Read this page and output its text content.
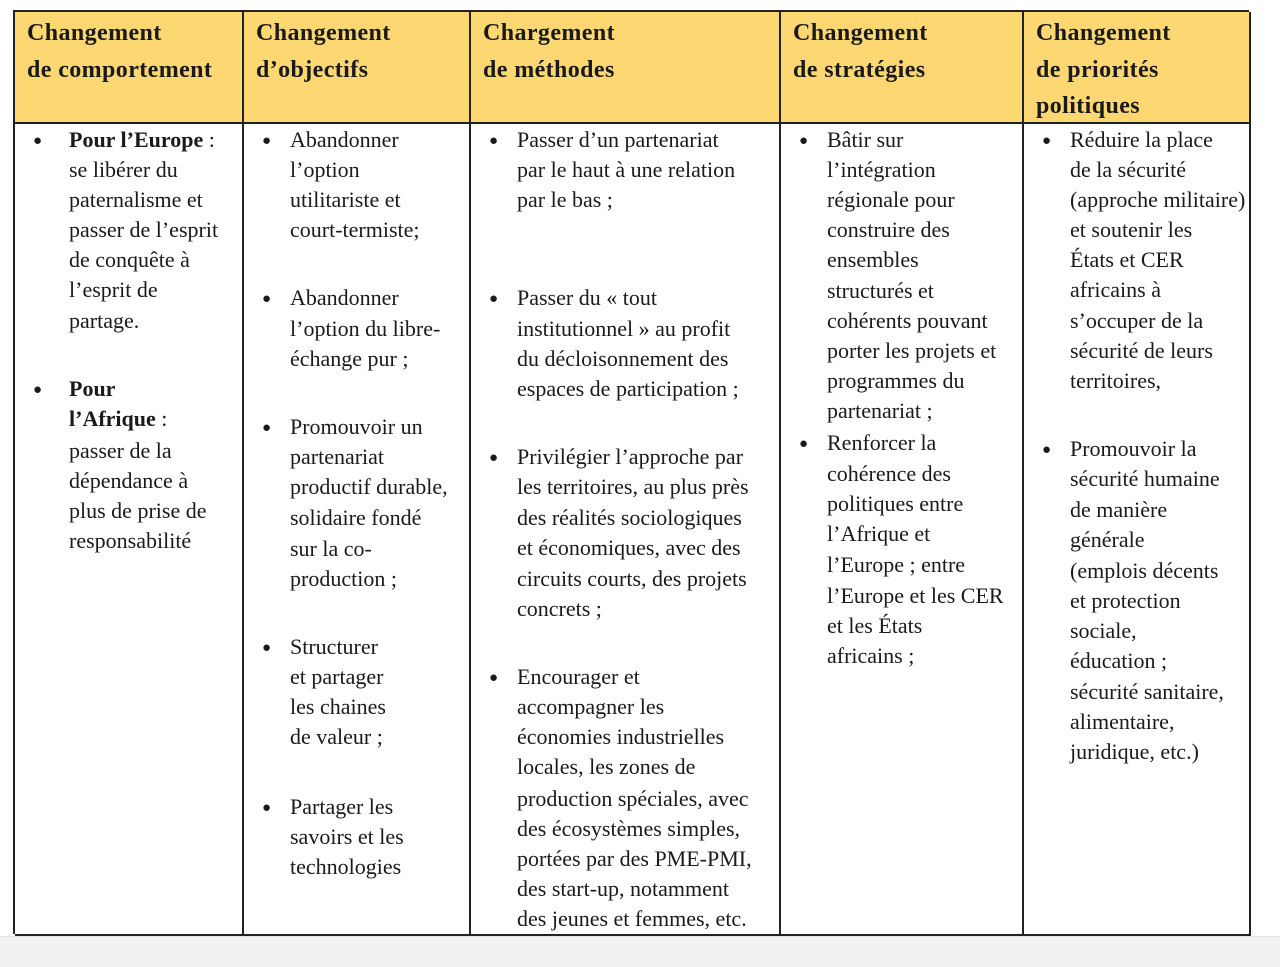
Changement
de comportement
Changement
d’objectifs
Chargement
de méthodes
Changement
de stratégies
Changement
de priorités
politiques
● Pour l’Europe :
se libérer du
paternalisme et
passer de l’esprit
de conquête à
l’esprit de
partage.
● Pour
l’Afrique :
passer de la
dépendance à
plus de prise de
responsabilité
● Abandonner
l’option
utilitariste et
court-termiste;
● Abandonner
l’option du libre-
échange pur ;
● Promouvoir un
partenariat
productif durable,
solidaire fondé
sur la co-
production ;
● Structurer
et partager
les chaines
de valeur ;
● Partager les
savoirs et les
technologies
● Passer d’un partenariat
par le haut à une relation
par le bas ;
● Passer du « tout
institutionnel » au profit
du décloisonnement des
espaces de participation ;
● Privilégier l’approche par
les territoires, au plus près
des réalités sociologiques
et économiques, avec des
circuits courts, des projets
concrets ;
● Encourager et
accompagner les
économies industrielles
locales, les zones de
production spéciales, avec
des écosystèmes simples,
portées par des PME-PMI,
des start-up, notamment
des jeunes et femmes, etc.
● Bâtir sur
l’intégration
régionale pour
construire des
ensembles
structurés et
cohérents pouvant
porter les projets et
programmes du
partenariat ;
● Renforcer la
cohérence des
politiques entre
l’Afrique et
l’Europe ; entre
l’Europe et les CER
et les États
africains ;
● Réduire la place
de la sécurité
(approche militaire)
et soutenir les
États et CER
africains à
s’occuper de la
sécurité de leurs
territoires,
● Promouvoir la
sécurité humaine
de manière
générale
(emplois décents
et protection
sociale,
éducation ;
sécurité sanitaire,
alimentaire,
juridique, etc.)
